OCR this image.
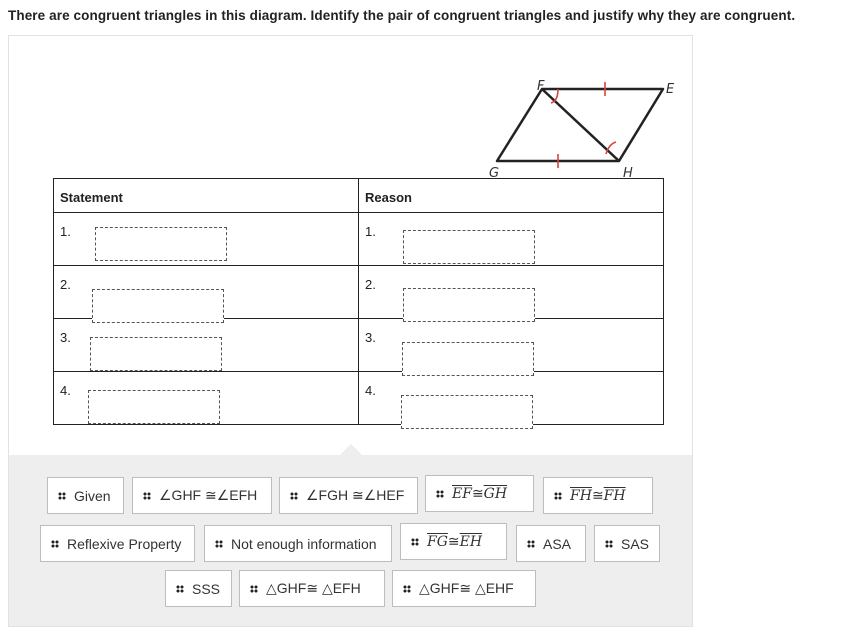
There are congruent triangles in this diagram. Identify the pair of congruent triangles and justify why they are congruent.
F	E
G	H
Statement	Reason

1.	1.

2.	2.

3.	3.

4.	4.
Given	∠GHF ≅∠EFH	∠FGH ≅∠HEF	$\overline{EF}≅\overline{GH}$	$\overline{FH}≅\overline{FH}$
Reflexive Property	Not enough information	$\overline{FG}≅\overline{EH}$	ASA	SAS
SSS	△GHF≅ △EFH	△GHF≅ △EHF
